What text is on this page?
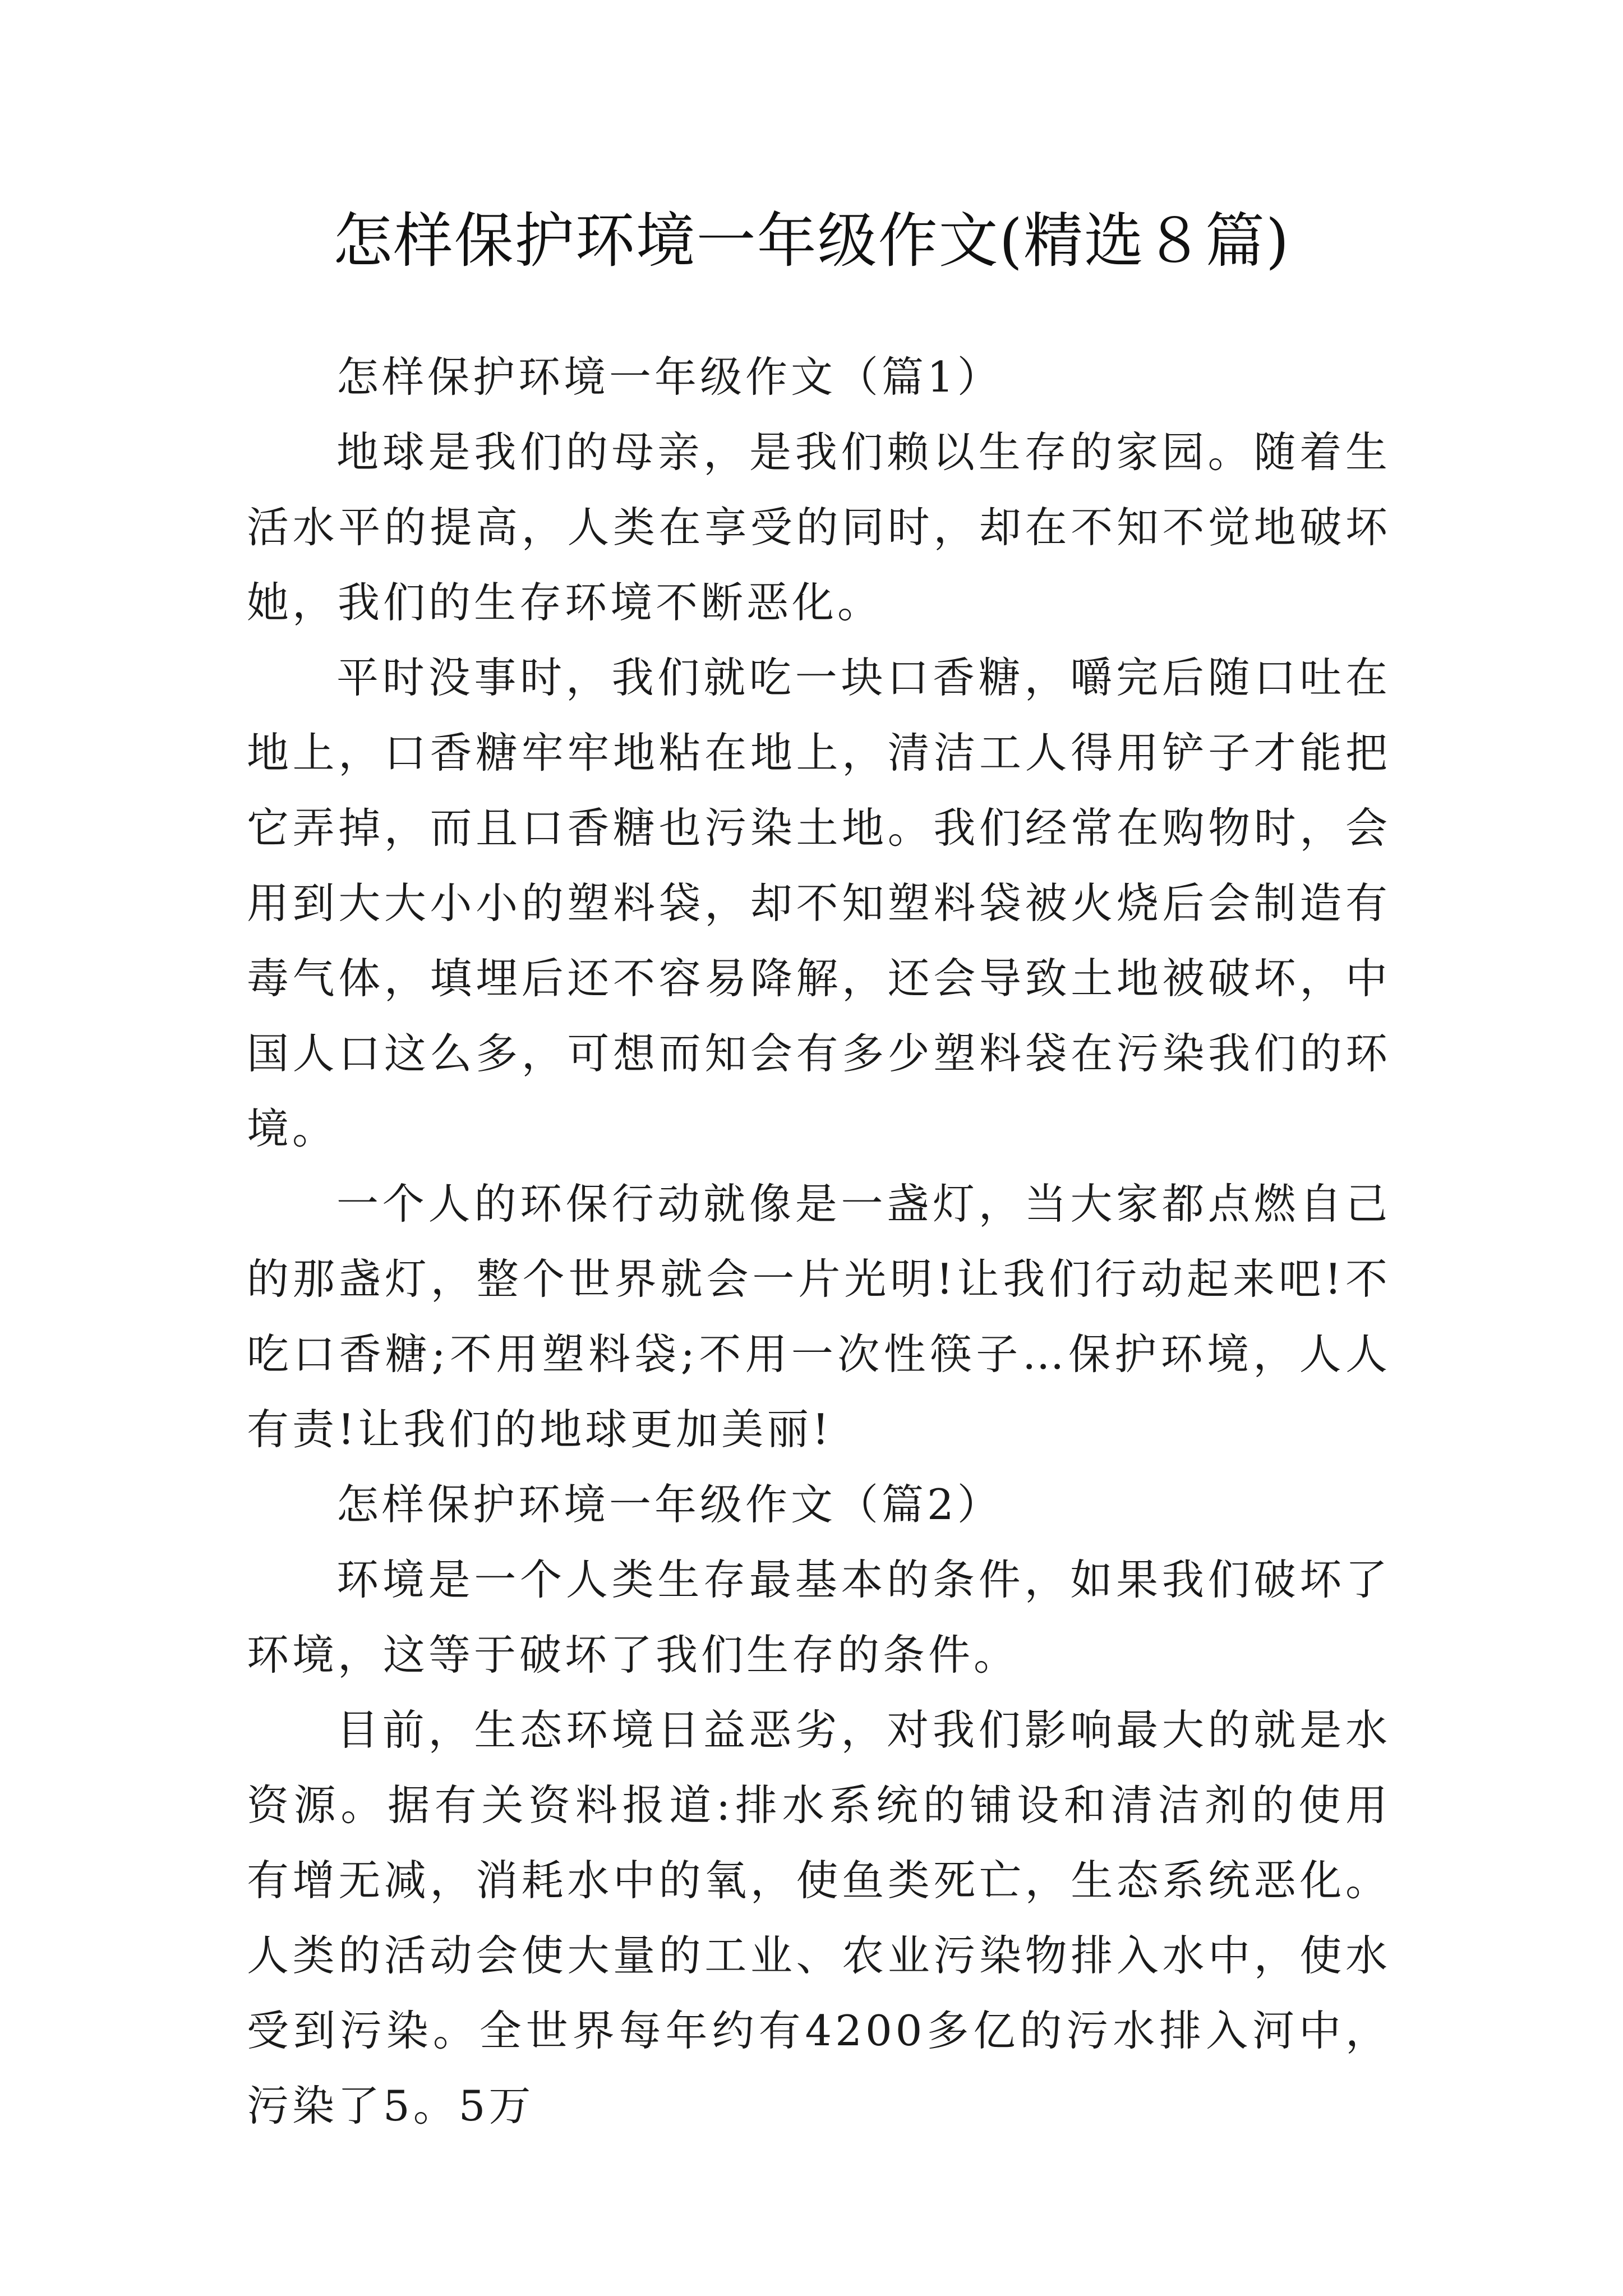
怎样保护环境一年级作文(精选８篇)

怎样保护环境一年级作文（篇1）

地球是我们的母亲，是我们赖以生存的家园。随着生活水平的提高，人类在享受的同时，却在不知不觉地破坏她，我们的生存环境不断恶化。

平时没事时，我们就吃一块口香糖，嚼完后随口吐在地上，口香糖牢牢地粘在地上，清洁工人得用铲子才能把它弄掉，而且口香糖也污染土地。我们经常在购物时，会用到大大小小的塑料袋，却不知塑料袋被火烧后会制造有毒气体，填埋后还不容易降解，还会导致土地被破坏，中国人口这么多，可想而知会有多少塑料袋在污染我们的环境。

一个人的环保行动就像是一盏灯，当大家都点燃自己的那盏灯，整个世界就会一片光明!让我们行动起来吧!不吃口香糖;不用塑料袋;不用一次性筷子…保护环境，人人有责!让我们的地球更加美丽!

怎样保护环境一年级作文（篇2）

环境是一个人类生存最基本的条件，如果我们破坏了环境，这等于破坏了我们生存的条件。

目前，生态环境日益恶劣，对我们影响最大的就是水资源。据有关资料报道:排水系统的铺设和清洁剂的使用有增无减，消耗水中的氧，使鱼类死亡，生态系统恶化。人类的活动会使大量的工业、农业污染物排入水中，使水受到污染。全世界每年约有4200多亿的污水排入河中，污染了5。5万
